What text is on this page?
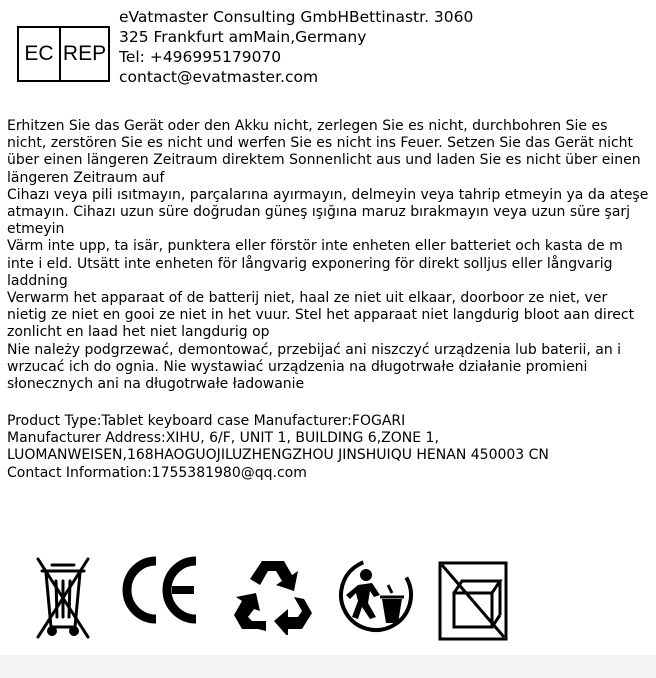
EC REP
eVatmaster Consulting GmbHBettinastr. 3060
325 Frankfurt amMain,Germany
Tel: +496995179070
contact@evatmaster.com

Erhitzen Sie das Gerät oder den Akku nicht, zerlegen Sie es nicht, durchbohren Sie es nicht, zerstören Sie es nicht und werfen Sie es nicht ins Feuer. Setzen Sie das Gerät nicht über einen längeren Zeitraum direktem Sonnenlicht aus und laden Sie es nicht über einen längeren Zeitraum auf

Cihazı veya pili ısıtmayın, parçalarına ayırmayın, delmeyin veya tahrip etmeyin ya da ateşe atmayın. Cihazı uzun süre doğrudan güneş ışığına maruz bırakmayın veya uzun süre şarj etmeyin

Värm inte upp, ta isär, punktera eller förstör inte enheten eller batteriet och kasta de m inte i eld. Utsätt inte enheten för långvarig exponering för direkt solljus eller långvarig laddning

Verwarm het apparaat of de batterij niet, haal ze niet uit elkaar, doorboor ze niet, ver nietig ze niet en gooi ze niet in het vuur. Stel het apparaat niet langdurig bloot aan direct zonlicht en laad het niet langdurig op

Nie należy podgrzewać, demontować, przebijać ani niszczyć urządzenia lub baterii, an i wrzucać ich do ognia. Nie wystawiać urządzenia na długotrwałe działanie promieni słonecznych ani na długotrwałe ładowanie

Product Type:Tablet keyboard case Manufacturer:FOGARI
Manufacturer Address:XIHU, 6/F, UNIT 1, BUILDING 6,ZONE 1,
LUOMANWEISEN,168HAOGUOJILUZHENGZHOU JINSHUIQU HENAN 450003 CN
Contact Information:1755381980@qq.com
